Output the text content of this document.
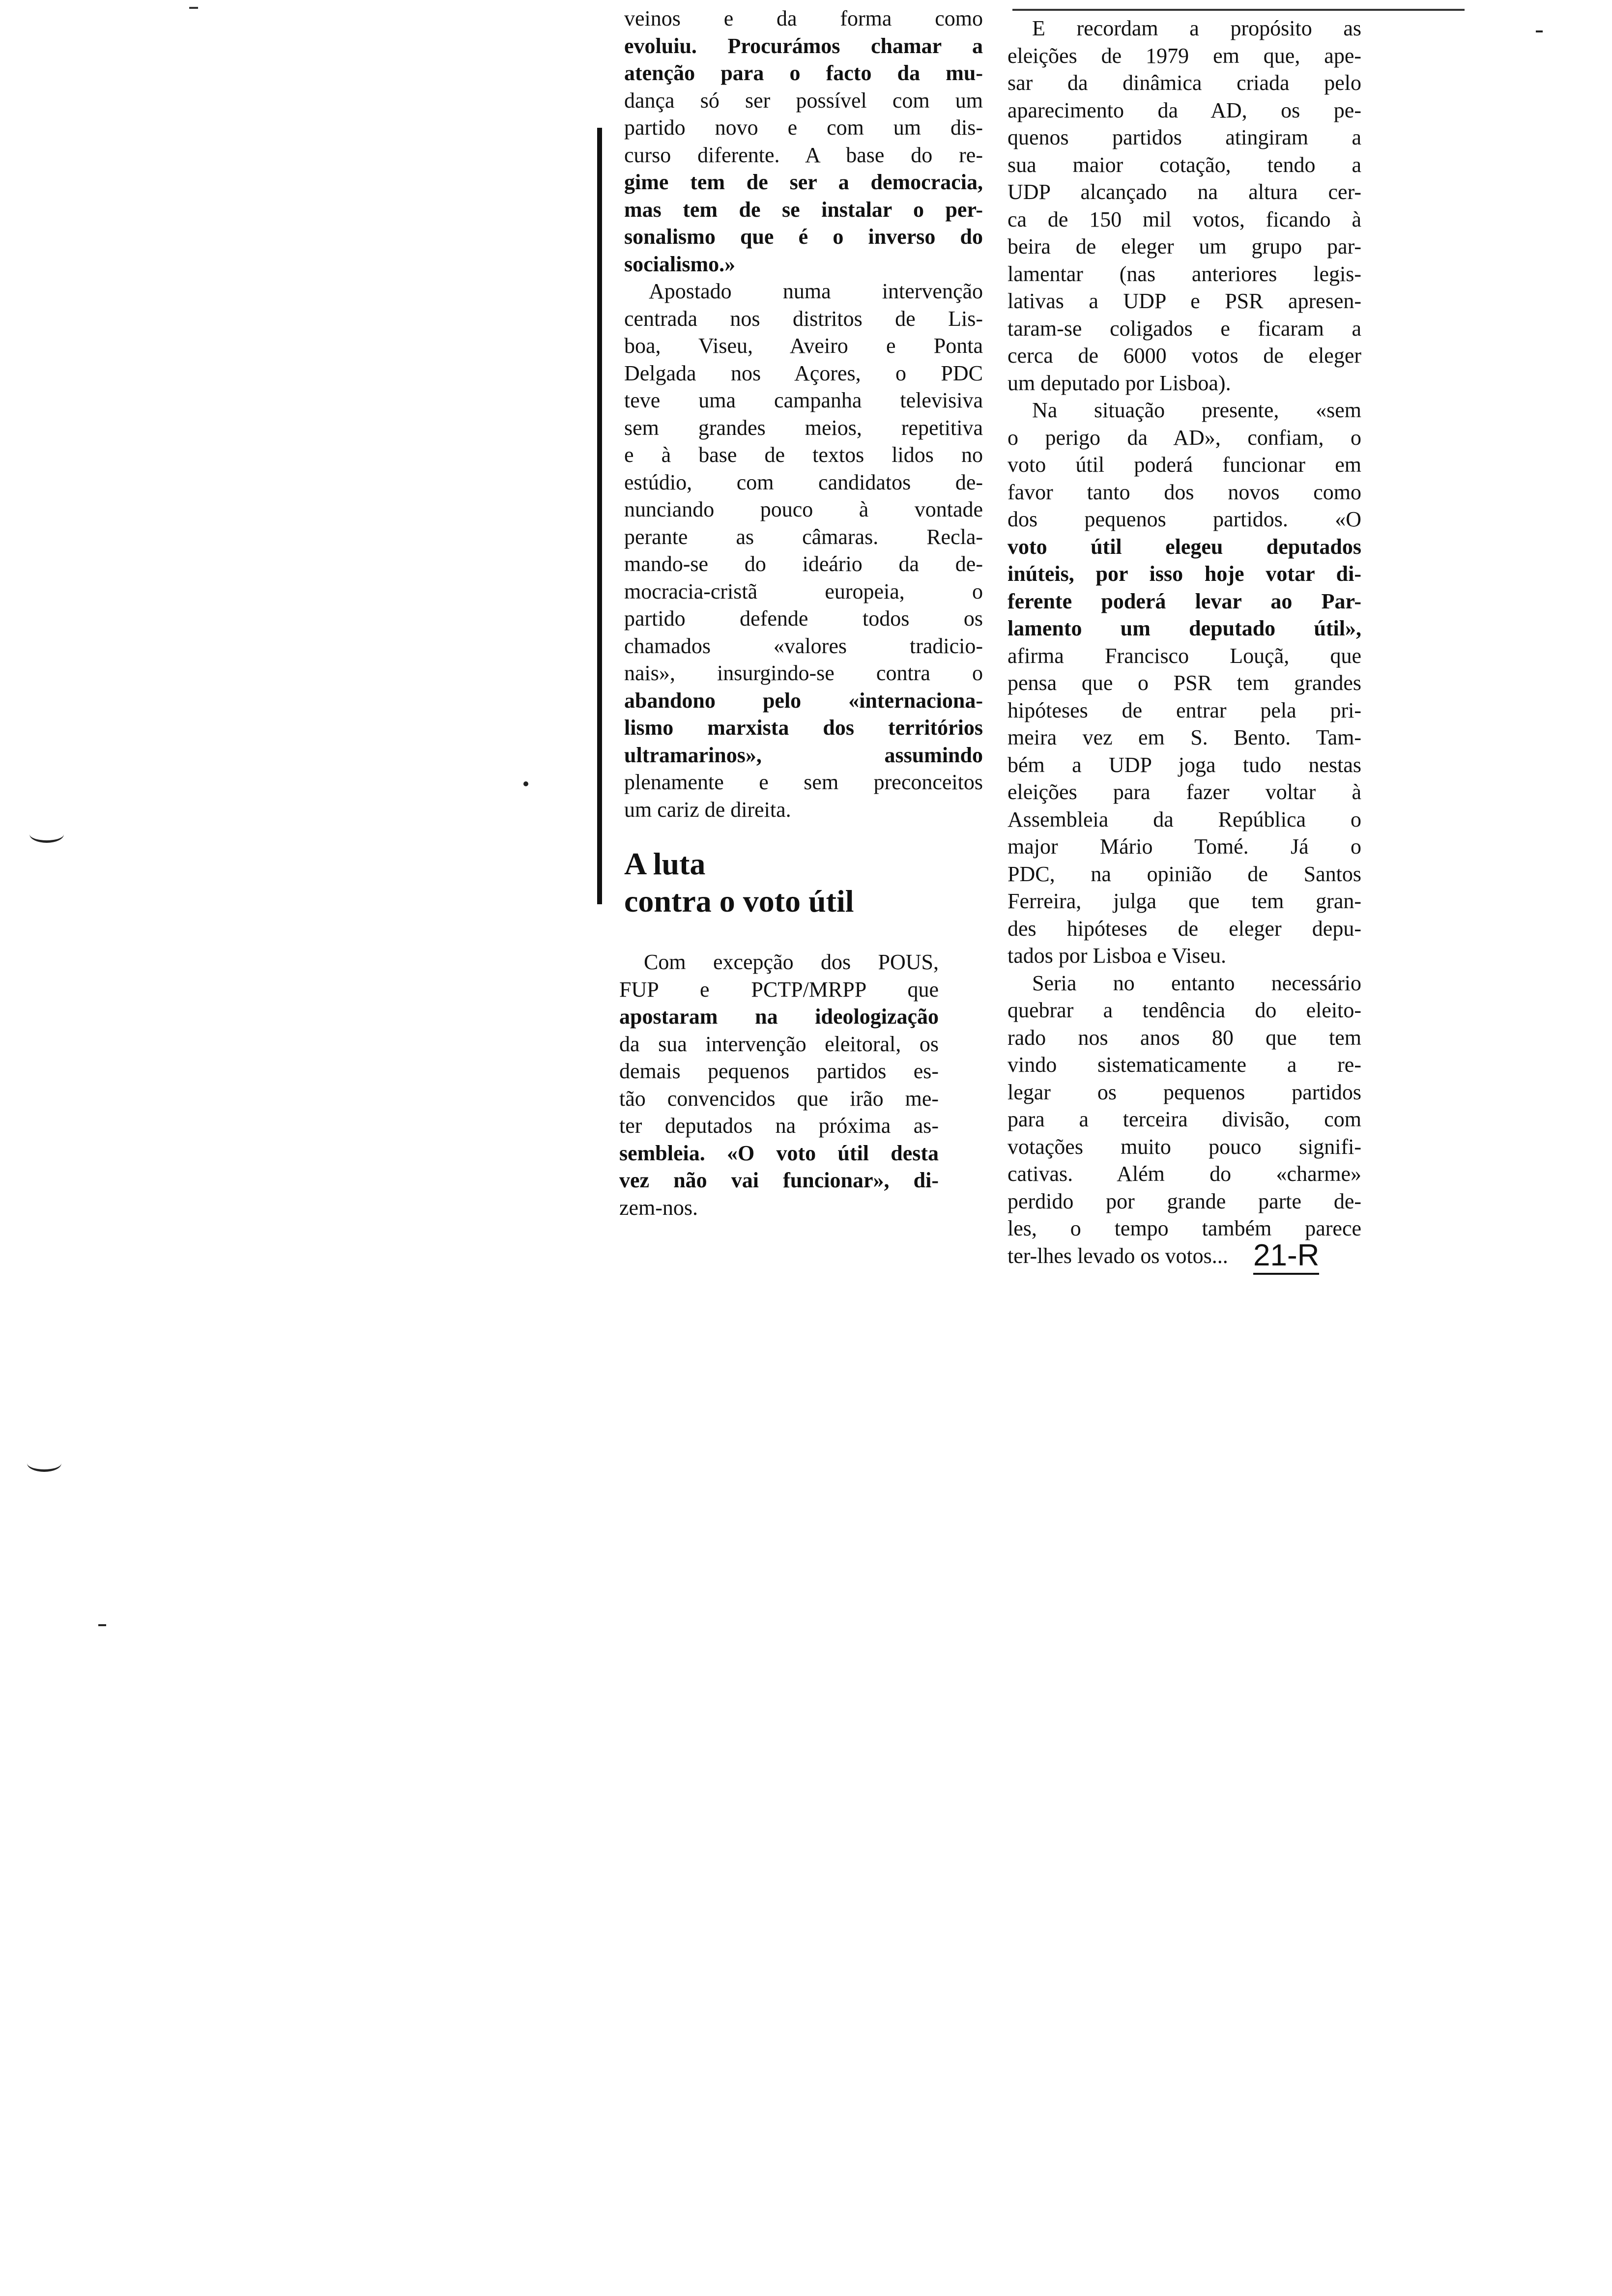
veinos e da forma como
evoluiu. Procurámos chamar a
atenção para o facto da mu-
dança só ser possível com um
partido novo e com um dis-
curso diferente. A base do re-
gime tem de ser a democracia,
mas tem de se instalar o per-
sonalismo que é o inverso do
socialismo.»

Apostado numa intervenção
centrada nos distritos de Lis-
boa, Viseu, Aveiro e Ponta
Delgada nos Açores, o PDC
teve uma campanha televisiva
sem grandes meios, repetitiva
e à base de textos lidos no
estúdio, com candidatos de-
nunciando pouco à vontade
perante as câmaras. Recla-
mando-se do ideário da de-
mocracia-cristã europeia, o
partido defende todos os
chamados «valores tradicio-
nais», insurgindo-se contra o
abandono pelo «internaciona-
lismo marxista dos territórios
ultramarinos», assumindo
plenamente e sem preconceitos
um cariz de direita.

A luta
contra o voto útil

Com excepção dos POUS,
FUP e PCTP/MRPP que
apostaram na ideologização
da sua intervenção eleitoral, os
demais pequenos partidos es-
tão convencidos que irão me-
ter deputados na próxima as-
sembleia. «O voto útil desta
vez não vai funcionar», di-
zem-nos.

E recordam a propósito as
eleições de 1979 em que, ape-
sar da dinâmica criada pelo
aparecimento da AD, os pe-
quenos partidos atingiram a
sua maior cotação, tendo a
UDP alcançado na altura cer-
ca de 150 mil votos, ficando à
beira de eleger um grupo par-
lamentar (nas anteriores legis-
lativas a UDP e PSR apresen-
taram-se coligados e ficaram a
cerca de 6000 votos de eleger
um deputado por Lisboa).

Na situação presente, «sem
o perigo da AD», confiam, o
voto útil poderá funcionar em
favor tanto dos novos como
dos pequenos partidos. «O
voto útil elegeu deputados
inúteis, por isso hoje votar di-
ferente poderá levar ao Par-
lamento um deputado útil»,
afirma Francisco Louçã, que
pensa que o PSR tem grandes
hipóteses de entrar pela pri-
meira vez em S. Bento. Tam-
bém a UDP joga tudo nestas
eleições para fazer voltar à
Assembleia da República o
major Mário Tomé. Já o
PDC, na opinião de Santos
Ferreira, julga que tem gran-
des hipóteses de eleger depu-
tados por Lisboa e Viseu.

Seria no entanto necessário
quebrar a tendência do eleito-
rado nos anos 80 que tem
vindo sistematicamente a re-
legar os pequenos partidos
para a terceira divisão, com
votações muito pouco signifi-
cativas. Além do «charme»
perdido por grande parte de-
les, o tempo também parece
ter-lhes levado os votos... 21-R
